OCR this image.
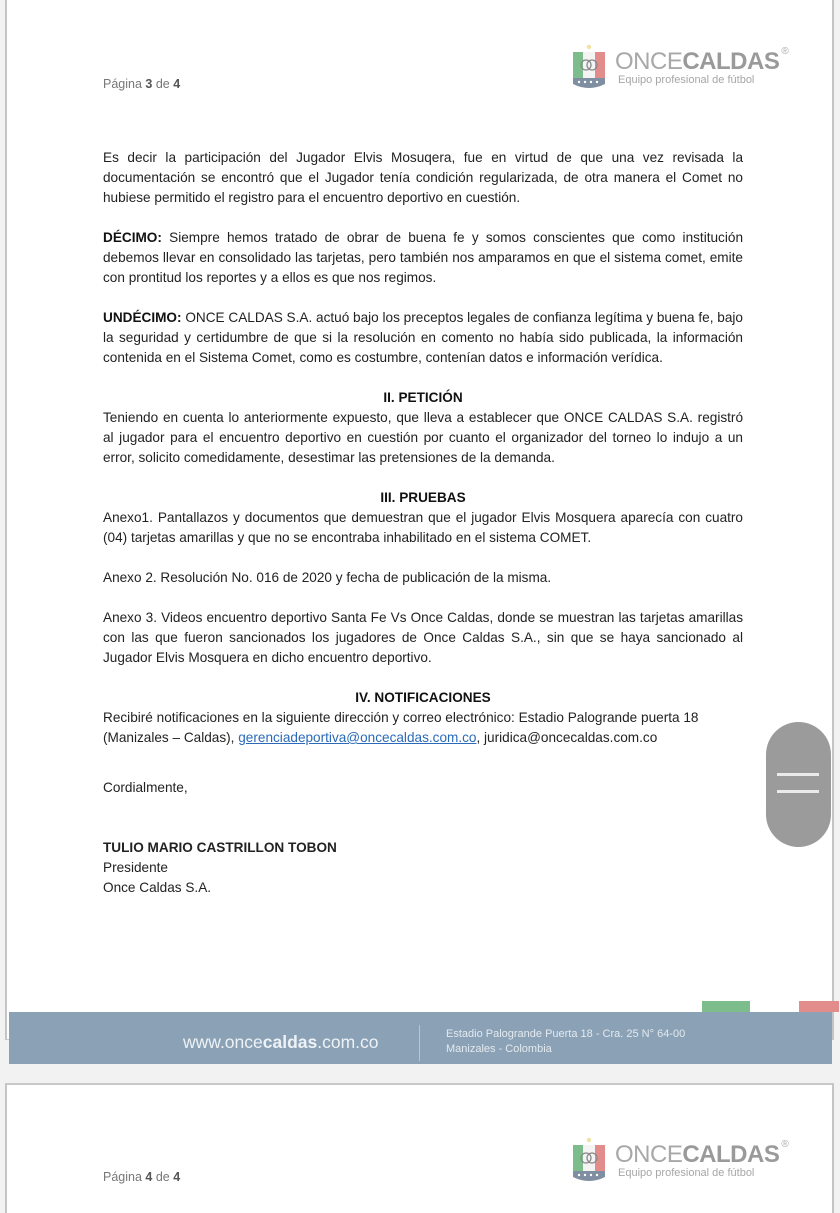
Página 3 de 4
ONCECALDAS ®
Equipo profesional de fútbol

Es decir la participación del Jugador Elvis Mosuqera, fue en virtud de que una vez revisada la documentación se encontró que el Jugador tenía condición regularizada, de otra manera el Comet no hubiese permitido el registro para el encuentro deportivo en cuestión.

DÉCIMO: Siempre hemos tratado de obrar de buena fe y somos conscientes que como institución debemos llevar en consolidado las tarjetas, pero también nos amparamos en que el sistema comet, emite con prontitud los reportes y a ellos es que nos regimos.

UNDÉCIMO: ONCE CALDAS S.A. actuó bajo los preceptos legales de confianza legítima y buena fe, bajo la seguridad y certidumbre de que si la resolución en comento no había sido publicada, la información contenida en el Sistema Comet, como es costumbre, contenían datos e información verídica.

II. PETICIÓN

Teniendo en cuenta lo anteriormente expuesto, que lleva a establecer que ONCE CALDAS S.A. registró al jugador para el encuentro deportivo en cuestión por cuanto el organizador del torneo lo indujo a un error, solicito comedidamente, desestimar las pretensiones de la demanda.

III. PRUEBAS

Anexo1. Pantallazos y documentos que demuestran que el jugador Elvis Mosquera aparecía con cuatro (04) tarjetas amarillas y que no se encontraba inhabilitado en el sistema COMET.

Anexo 2. Resolución No. 016 de 2020 y fecha de publicación de la misma.

Anexo 3. Videos encuentro deportivo Santa Fe Vs Once Caldas, donde se muestran las tarjetas amarillas con las que fueron sancionados los jugadores de Once Caldas S.A., sin que se haya sancionado al Jugador Elvis Mosquera en dicho encuentro deportivo.

IV. NOTIFICACIONES

Recibiré notificaciones en la siguiente dirección y correo electrónico: Estadio Palogrande puerta 18 (Manizales – Caldas), gerenciadeportiva@oncecaldas.com.co, juridica@oncecaldas.com.co

Cordialmente,

TULIO MARIO CASTRILLON TOBON

Presidente

Once Caldas S.A.

www.oncecaldas.com.co	Estadio Palogrande Puerta 18 - Cra. 25 N° 64-00
Manizales - Colombia
Página 4 de 4
ONCECALDAS ®
Equipo profesional de fútbol
